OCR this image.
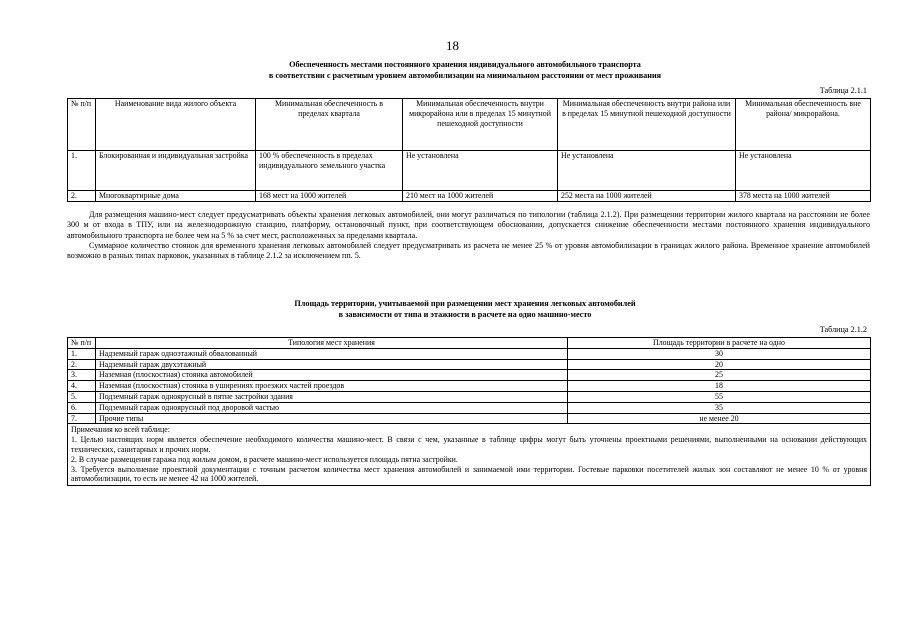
18
Обеспеченность местами постоянного хранения индивидуального автомобильного транспорта
в соответствии с расчетным уровнем автомобилизации на минимальном расстоянии от мест проживания
Таблица 2.1.1
№ п/п	Наименование вида жилого объекта	Минимальная обеспеченность в пределах квартала	Минимальная обеспеченность внутри микрорайона или в пределах 15 минутной пешеходной доступности	Минимальная обеспеченность внутри района или в пределах 15 минутной пешеходной доступности	Минимальная обеспеченность вне района/ микрорайона.
1.	Блокированная и индивидуальная застройка	100 % обеспеченность в пределах индивидуального земельного участка	Не установлена	Не установлена	Не установлена
2.	Многоквартирные дома	168 мест на 1000 жителей	210 мест на 1000 жителей	252 места на 1000 жителей	378 места на 1000 жителей

Для размещения машино-мест следует предусматривать объекты хранения легковых автомобилей, они могут различаться по типологии (таблица 2.1.2). При размещении территории жилого квартала на расстоянии не более 300 м от входа в ТПУ, или на железнодорожную станцию, платформу, остановочный пункт, при соответствующем обосновании, допускается снижение обеспеченности местами постоянного хранения индивидуального автомобильного транспорта не более чем на 5 % за счет мест, расположенных за пределами квартала.

Суммарное количество стоянок для временного хранения легковых автомобилей следует предусматривать из расчета не менее 25 % от уровня автомобилизации в границах жилого района. Временное хранение автомобилей возможно в разных типах парковок, указанных в таблице 2.1.2 за исключением пп. 5.

Площадь территории, учитываемой при размещении мест хранения легковых автомобилей
в зависимости от типа и этажности в расчете на одно машино-место
Таблица 2.1.2
№ п/п	Типология мест хранения	Площадь территории в расчете на одно
1.	Надземный гараж одноэтажный обвалованный	30
2.	Надземный гараж двухэтажный	20
3.	Наземная (плоскостная) стоянка автомобилей	25
4.	Наземная (плоскостная) стоянка в уширениях проезжих частей проездов	18
5.	Подземный гараж одноярусный в пятне застройки здания	55
6.	Подземный гараж одноярусный под дворовой частью	35
7.	Прочие типы	не менее 20

Примечания ко всей таблице:

1. Целью настоящих норм является обеспечение необходимого количества машино-мест. В связи с чем, указанные в таблице цифры могут быть уточнены проектными решениями, выполненными на основании действующих технических, санитарных и прочих норм.

2. В случае размещения гаража под жилым домом, в расчете машино-мест используется площадь пятна застройки.

3. Требуется выполнение проектной документации с точным расчетом количества мест хранения автомобилей и занимаемой ими территории. Гостевые парковки посетителей жилых зон составляют не менее 10 % от уровня автомобилизации, то есть не менее 42 на 1000 жителей.		
